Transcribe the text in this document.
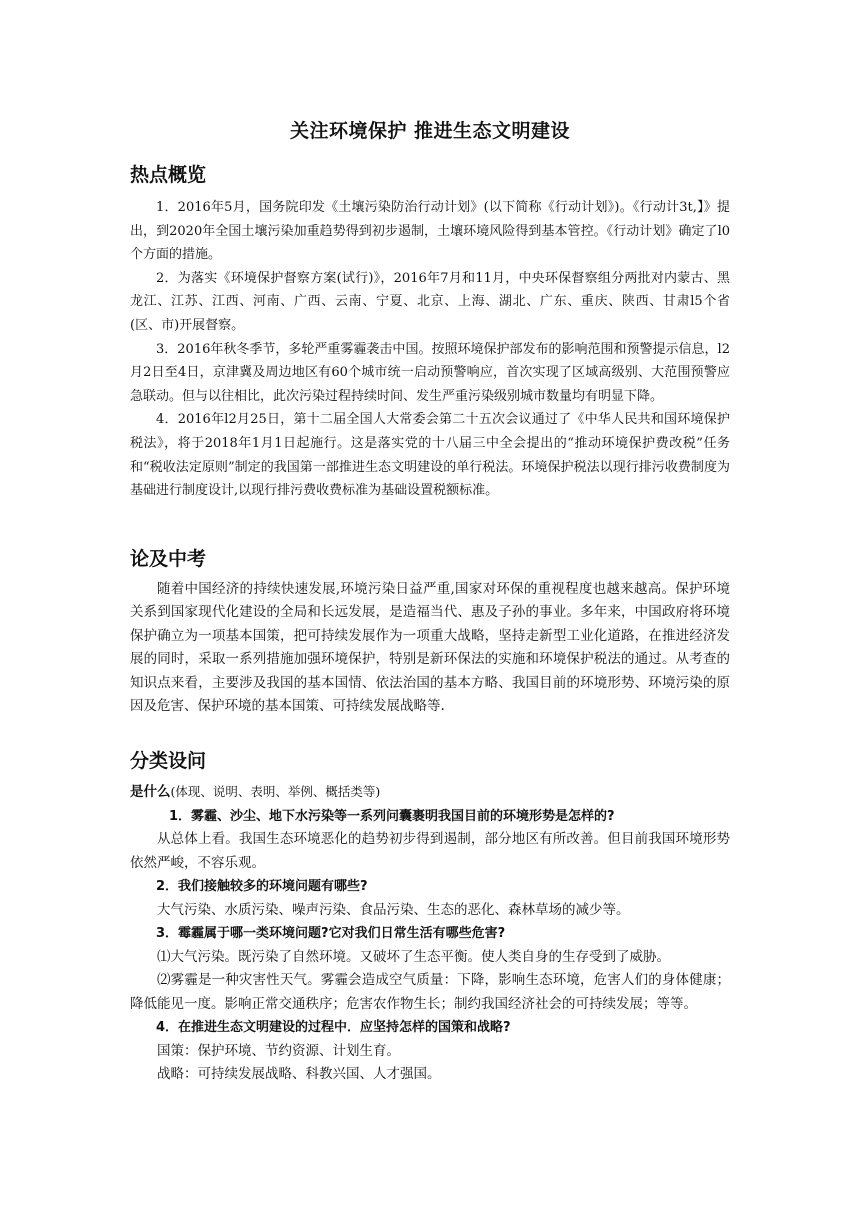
关注环境保护 推进生态文明建设
热点概览

1．2016年5月，国务院印发《土壤污染防治行动计划》(以下简称《行动计划》)。《行动计3t,】》提出，到2020年全国土壤污染加重趋势得到初步遏制，土壤环境风险得到基本管控。《行动计划》确定了l0个方面的措施。

2．为落实《环境保护督察方案(试行)》，2016年7月和11月，中央环保督察组分两批对内蒙古、黑龙江、江苏、江西、河南、广西、云南、宁夏、北京、上海、湖北、广东、重庆、陕西、甘肃l5个省(区、市)开展督察。

3．2016年秋冬季节，多轮严重雾霾袭击中国。按照环境保护部发布的影响范围和预警提示信息，l2月2日至4日，京津冀及周边地区有60个城市统一启动预警响应，首次实现了区域高级别、大范围预警应急联动。但与以往相比，此次污染过程持续时间、发生严重污染级别城市数量均有明显下降。

4．2016年l2月25日，第十二届全国人大常委会第二十五次会议通过了《中华人民共和国环境保护税法》，将于2018年1月1日起施行。这是落实党的十八届三中全会提出的“推动环境保护费改税”任务和“税收法定原则”制定的我国第一部推进生态文明建设的单行税法。环境保护税法以现行排污收费制度为基础进行制度设计,以现行排污费收费标准为基础设置税额标准。

论及中考

随着中国经济的持续快速发展,环境污染日益严重,国家对环保的重视程度也越来越高。保护环境关系到国家现代化建设的全局和长远发展，是造福当代、惠及子孙的事业。多年来，中国政府将环境保护确立为一项基本国策，把可持续发展作为一项重大战略，坚持走新型工业化道路，在推进经济发展的同时，采取一系列措施加强环境保护，特别是新环保法的实施和环境保护税法的通过。从考查的知识点来看，主要涉及我国的基本国情、依法治国的基本方略、我国目前的环境形势、环境污染的原因及危害、保护环境的基本国策、可持续发展战略等.

分类设问

是什么(体现、说明、表明、举例、概括类等)

1．雾霾、沙尘、地下水污染等一系列问囊裹明我国目前的环境形势是怎样的?

从总体上看。我国生态环境恶化的趋势初步得到遏制，部分地区有所改善。但目前我国环境形势依然严峻，不容乐观。

2．我们接触较多的环境问题有哪些?

大气污染、水质污染、噪声污染、食品污染、生态的恶化、森林草场的减少等。

3．霉霾属于哪一类环境问题?它对我们日常生活有哪些危害?

⑴大气污染。既污染了自然环境。又破坏了生态平衡。使人类自身的生存受到了威胁。

⑵雾霾是一种灾害性天气。雾霾会造成空气质量：下降，影响生态环境，危害人们的身体健康；降低能见一度。影响正常交通秩序；危害农作物生长；制约我国经济社会的可持续发展；等等。

4．在推进生态文明建设的过程中．应坚持怎样的国策和战略?

国策：保护环境、节约资源、计划生育。

战略：可持续发展战略、科教兴国、人才强国。
